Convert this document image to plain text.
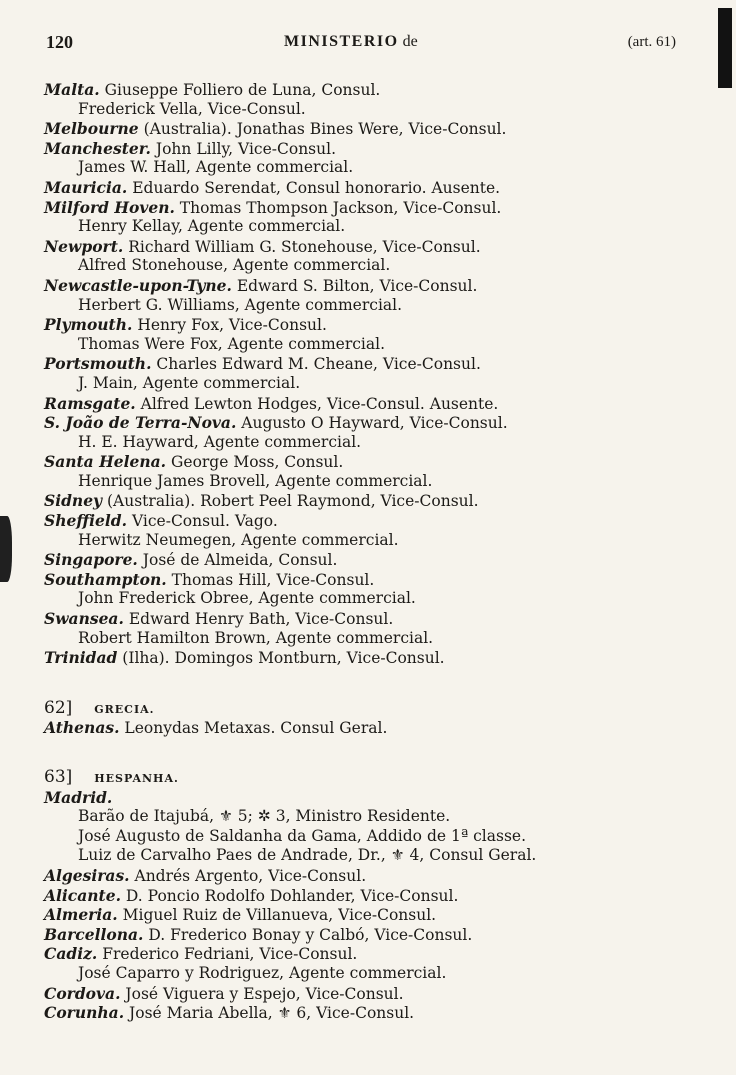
120	MINISTERIO de	(art. 61)
Malta. Giuseppe Folliero de Luna, Consul.
Frederick Vella, Vice-Consul.
Melbourne (Australia). Jonathas Bines Were, Vice-Consul.
Manchester. John Lilly, Vice-Consul.
James W. Hall, Agente commercial.
Mauricia. Eduardo Serendat, Consul honorario. Ausente.
Milford Hoven. Thomas Thompson Jackson, Vice-Consul.
Henry Kellay, Agente commercial.
Newport. Richard William G. Stonehouse, Vice-Consul.
Alfred Stonehouse, Agente commercial.
Newcastle-upon-Tyne. Edward S. Bilton, Vice-Consul.
Herbert G. Williams, Agente commercial.
Plymouth. Henry Fox, Vice-Consul.
Thomas Were Fox, Agente commercial.
Portsmouth. Charles Edward M. Cheane, Vice-Consul.
J. Main, Agente commercial.
Ramsgate. Alfred Lewton Hodges, Vice-Consul. Ausente.
S. João de Terra-Nova. Augusto O Hayward, Vice-Consul.
H. E. Hayward, Agente commercial.
Santa Helena. George Moss, Consul.
Henrique James Brovell, Agente commercial.
Sidney (Australia). Robert Peel Raymond, Vice-Consul.
Sheffield. Vice-Consul. Vago.
Herwitz Neumegen, Agente commercial.
Singapore. José de Almeida, Consul.
Southampton. Thomas Hill, Vice-Consul.
John Frederick Obree, Agente commercial.
Swansea. Edward Henry Bath, Vice-Consul.
Robert Hamilton Brown, Agente commercial.
Trinidad (Ilha). Domingos Montburn, Vice-Consul.
62] GRECIA.
Athenas. Leonydas Metaxas. Consul Geral.
63] HESPANHA.
Madrid.
Barão de Itajubá, ⚜ 5; ✲ 3, Ministro Residente.
José Augusto de Saldanha da Gama, Addido de 1ª classe.
Luiz de Carvalho Paes de Andrade, Dr., ⚜ 4, Consul Geral.
Algesiras. Andrés Argento, Vice-Consul.
Alicante. D. Poncio Rodolfo Dohlander, Vice-Consul.
Almeria. Miguel Ruiz de Villanueva, Vice-Consul.
Barcellona. D. Frederico Bonay y Calbó, Vice-Consul.
Cadiz. Frederico Fedriani, Vice-Consul.
José Caparro y Rodriguez, Agente commercial.
Cordova. José Viguera y Espejo, Vice-Consul.
Corunha. José Maria Abella, ⚜ 6, Vice-Consul.
